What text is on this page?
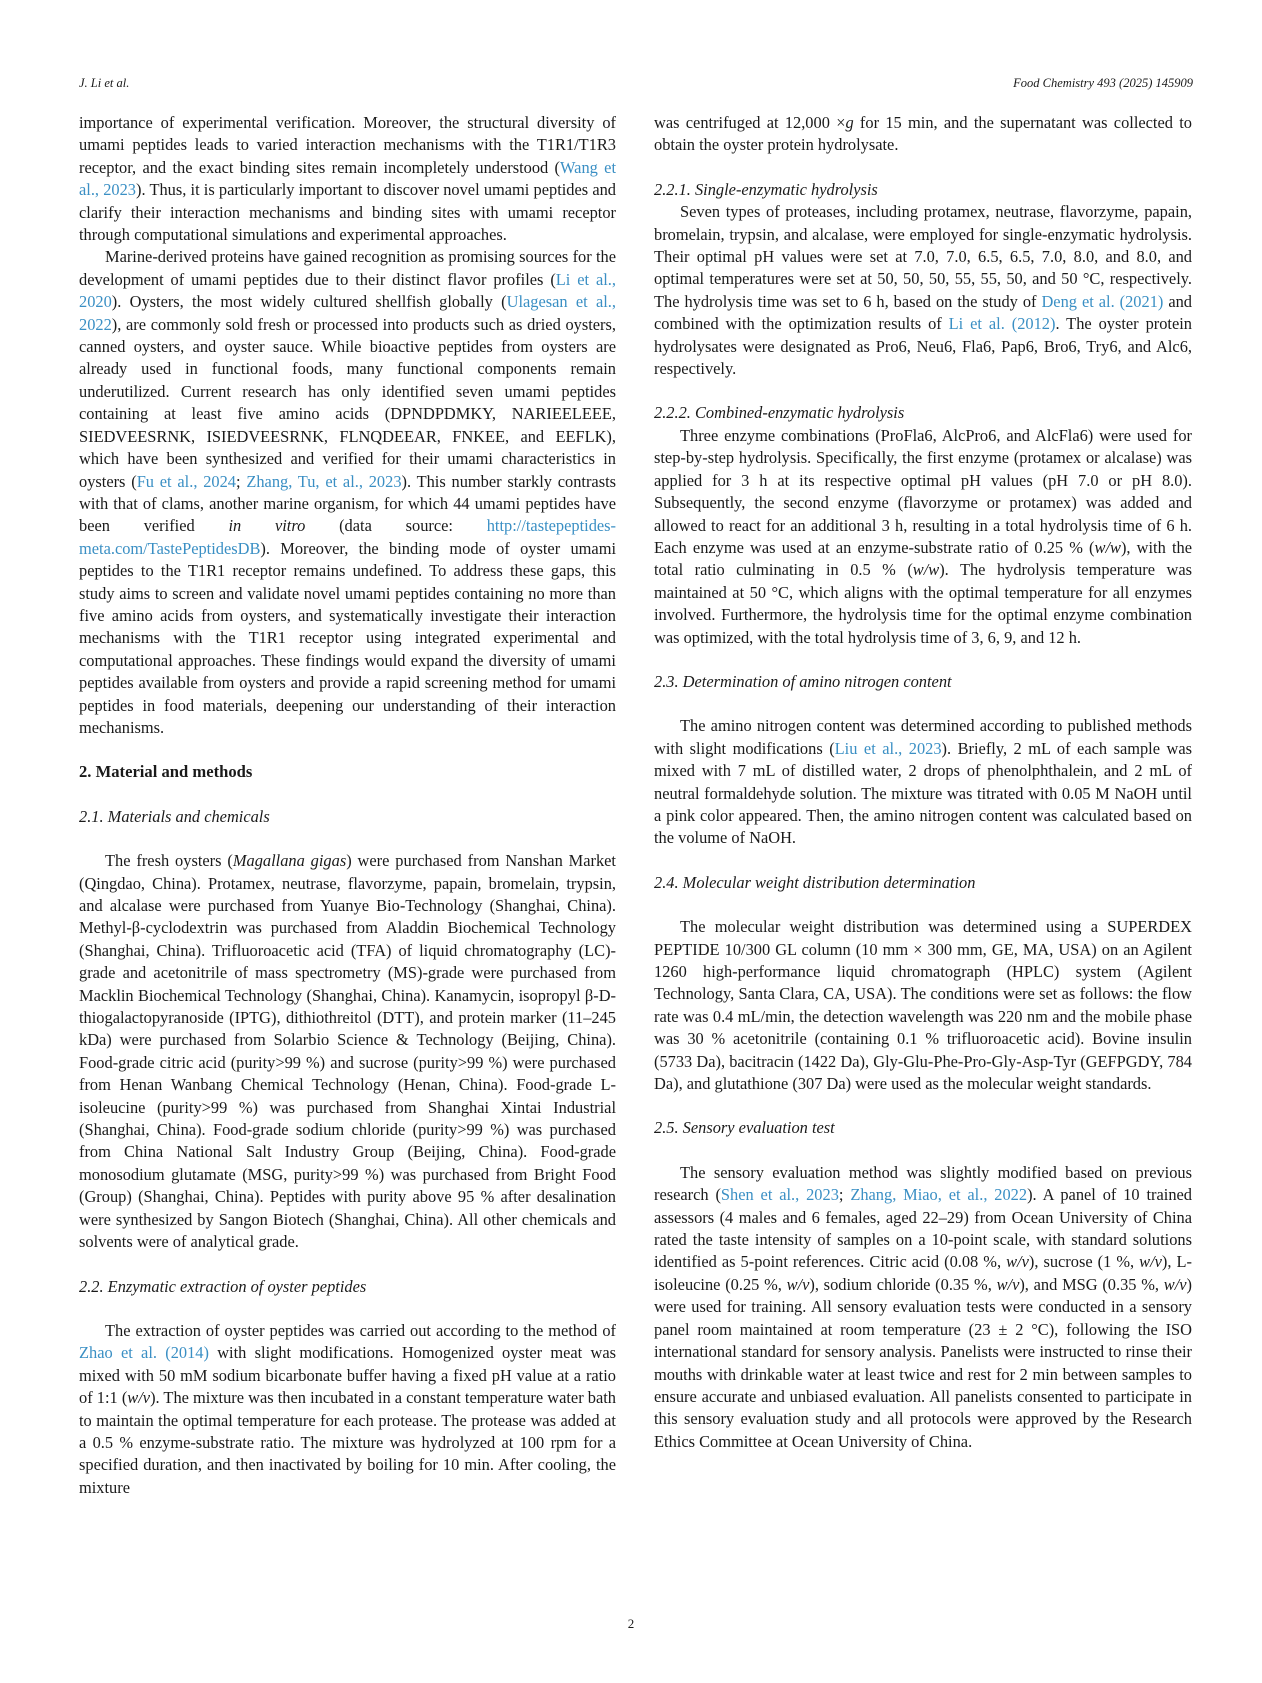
J. Li et al.	Food Chemistry 493 (2025) 145909

importance of experimental verification. Moreover, the structural diversity of umami peptides leads to varied interaction mechanisms with the T1R1/T1R3 receptor, and the exact binding sites remain incompletely understood (Wang et al., 2023). Thus, it is particularly important to discover novel umami peptides and clarify their interaction mechanisms and binding sites with umami receptor through computational simulations and experimental approaches.

Marine-derived proteins have gained recognition as promising sources for the development of umami peptides due to their distinct flavor profiles (Li et al., 2020). Oysters, the most widely cultured shellfish globally (Ulagesan et al., 2022), are commonly sold fresh or processed into products such as dried oysters, canned oysters, and oyster sauce. While bioactive peptides from oysters are already used in functional foods, many functional components remain underutilized. Current research has only identified seven umami peptides containing at least five amino acids (DPNDPDMKY, NARIEELEEE, SIEDVEESRNK, ISIEDVEESRNK, FLNQDEEAR, FNKEE, and EEFLK), which have been synthesized and verified for their umami characteristics in oysters (Fu et al., 2024; Zhang, Tu, et al., 2023). This number starkly contrasts with that of clams, another marine organism, for which 44 umami peptides have been verified in vitro (data source: http://tastepeptides-meta.com/TastePeptidesDB). Moreover, the binding mode of oyster umami peptides to the T1R1 receptor remains undefined. To address these gaps, this study aims to screen and validate novel umami peptides containing no more than five amino acids from oysters, and systematically investigate their interaction mechanisms with the T1R1 receptor using integrated experimental and computational approaches. These findings would expand the diversity of umami peptides available from oysters and provide a rapid screening method for umami peptides in food materials, deepening our understanding of their interaction mechanisms.

2. Material and methods
2.1. Materials and chemicals

The fresh oysters (Magallana gigas) were purchased from Nanshan Market (Qingdao, China). Protamex, neutrase, flavorzyme, papain, bromelain, trypsin, and alcalase were purchased from Yuanye Bio-Technology (Shanghai, China). Methyl-β-cyclodextrin was purchased from Aladdin Biochemical Technology (Shanghai, China). Trifluoroacetic acid (TFA) of liquid chromatography (LC)-grade and acetonitrile of mass spectrometry (MS)-grade were purchased from Macklin Biochemical Technology (Shanghai, China). Kanamycin, isopropyl β-D-thiogalactopyranoside (IPTG), dithiothreitol (DTT), and protein marker (11–245 kDa) were purchased from Solarbio Science & Technology (Beijing, China). Food-grade citric acid (purity>99 %) and sucrose (purity>99 %) were purchased from Henan Wanbang Chemical Technology (Henan, China). Food-grade L-isoleucine (purity>99 %) was purchased from Shanghai Xintai Industrial (Shanghai, China). Food-grade sodium chloride (purity>99 %) was purchased from China National Salt Industry Group (Beijing, China). Food-grade monosodium glutamate (MSG, purity>99 %) was purchased from Bright Food (Group) (Shanghai, China). Peptides with purity above 95 % after desalination were synthesized by Sangon Biotech (Shanghai, China). All other chemicals and solvents were of analytical grade.

2.2. Enzymatic extraction of oyster peptides

The extraction of oyster peptides was carried out according to the method of Zhao et al. (2014) with slight modifications. Homogenized oyster meat was mixed with 50 mM sodium bicarbonate buffer having a fixed pH value at a ratio of 1:1 (w/v). The mixture was then incubated in a constant temperature water bath to maintain the optimal temperature for each protease. The protease was added at a 0.5 % enzyme-substrate ratio. The mixture was hydrolyzed at 100 rpm for a specified duration, and then inactivated by boiling for 10 min. After cooling, the mixture

was centrifuged at 12,000 ×g for 15 min, and the supernatant was collected to obtain the oyster protein hydrolysate.

2.2.1. Single-enzymatic hydrolysis

Seven types of proteases, including protamex, neutrase, flavorzyme, papain, bromelain, trypsin, and alcalase, were employed for single-enzymatic hydrolysis. Their optimal pH values were set at 7.0, 7.0, 6.5, 6.5, 7.0, 8.0, and 8.0, and optimal temperatures were set at 50, 50, 50, 55, 55, 50, and 50 °C, respectively. The hydrolysis time was set to 6 h, based on the study of Deng et al. (2021) and combined with the optimization results of Li et al. (2012). The oyster protein hydrolysates were designated as Pro6, Neu6, Fla6, Pap6, Bro6, Try6, and Alc6, respectively.

2.2.2. Combined-enzymatic hydrolysis

Three enzyme combinations (ProFla6, AlcPro6, and AlcFla6) were used for step-by-step hydrolysis. Specifically, the first enzyme (protamex or alcalase) was applied for 3 h at its respective optimal pH values (pH 7.0 or pH 8.0). Subsequently, the second enzyme (flavorzyme or protamex) was added and allowed to react for an additional 3 h, resulting in a total hydrolysis time of 6 h. Each enzyme was used at an enzyme-substrate ratio of 0.25 % (w/w), with the total ratio culminating in 0.5 % (w/w). The hydrolysis temperature was maintained at 50 °C, which aligns with the optimal temperature for all enzymes involved. Furthermore, the hydrolysis time for the optimal enzyme combination was optimized, with the total hydrolysis time of 3, 6, 9, and 12 h.

2.3. Determination of amino nitrogen content

The amino nitrogen content was determined according to published methods with slight modifications (Liu et al., 2023). Briefly, 2 mL of each sample was mixed with 7 mL of distilled water, 2 drops of phenolphthalein, and 2 mL of neutral formaldehyde solution. The mixture was titrated with 0.05 M NaOH until a pink color appeared. Then, the amino nitrogen content was calculated based on the volume of NaOH.

2.4. Molecular weight distribution determination

The molecular weight distribution was determined using a SUPERDEX PEPTIDE 10/300 GL column (10 mm × 300 mm, GE, MA, USA) on an Agilent 1260 high-performance liquid chromatograph (HPLC) system (Agilent Technology, Santa Clara, CA, USA). The conditions were set as follows: the flow rate was 0.4 mL/min, the detection wavelength was 220 nm and the mobile phase was 30 % acetonitrile (containing 0.1 % trifluoroacetic acid). Bovine insulin (5733 Da), bacitracin (1422 Da), Gly-Glu-Phe-Pro-Gly-Asp-Tyr (GEFPGDY, 784 Da), and glutathione (307 Da) were used as the molecular weight standards.

2.5. Sensory evaluation test

The sensory evaluation method was slightly modified based on previous research (Shen et al., 2023; Zhang, Miao, et al., 2022). A panel of 10 trained assessors (4 males and 6 females, aged 22–29) from Ocean University of China rated the taste intensity of samples on a 10-point scale, with standard solutions identified as 5-point references. Citric acid (0.08 %, w/v), sucrose (1 %, w/v), L-isoleucine (0.25 %, w/v), sodium chloride (0.35 %, w/v), and MSG (0.35 %, w/v) were used for training. All sensory evaluation tests were conducted in a sensory panel room maintained at room temperature (23 ± 2 °C), following the ISO international standard for sensory analysis. Panelists were instructed to rinse their mouths with drinkable water at least twice and rest for 2 min between samples to ensure accurate and unbiased evaluation. All panelists consented to participate in this sensory evaluation study and all protocols were approved by the Research Ethics Committee at Ocean University of China.

2
